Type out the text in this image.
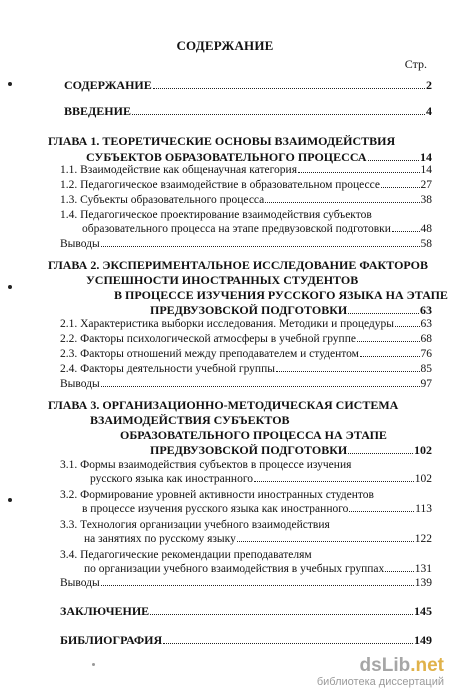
СОДЕРЖАНИЕ
Стр.
СОДЕРЖАНИЕ	2
ВВЕДЕНИЕ	4
ГЛАВА 1. ТЕОРЕТИЧЕСКИЕ ОСНОВЫ ВЗАИМОДЕЙСТВИЯ
СУБЪЕКТОВ ОБРАЗОВАТЕЛЬНОГО ПРОЦЕССА	14
1.1. Взаимодействие как общенаучная категория	14
1.2. Педагогическое взаимодействие в образовательном процессе	27
1.3. Субъекты образовательного процесса	38
1.4. Педагогическое проектирование взаимодействия субъектов
образовательного процесса на этапе предвузовской подготовки	48
Выводы	58
ГЛАВА 2. ЭКСПЕРИМЕНТАЛЬНОЕ ИССЛЕДОВАНИЕ ФАКТОРОВ
УСПЕШНОСТИ ИНОСТРАННЫХ СТУДЕНТОВ
В ПРОЦЕССЕ ИЗУЧЕНИЯ РУССКОГО ЯЗЫКА НА ЭТАПЕ
ПРЕДВУЗОВСКОЙ ПОДГОТОВКИ	63
2.1. Характеристика выборки исследования. Методики и процедуры 63
2.2. Факторы психологической атмосферы в учебной группе	68
2.3. Факторы отношений между преподавателем и студентом	76
2.4. Факторы деятельности учебной группы	85
Выводы	97
ГЛАВА 3. ОРГАНИЗАЦИОННО-МЕТОДИЧЕСКАЯ СИСТЕМА
ВЗАИМОДЕЙСТВИЯ СУБЪЕКТОВ
ОБРАЗОВАТЕЛЬНОГО ПРОЦЕССА НА ЭТАПЕ
ПРЕДВУЗОВСКОЙ ПОДГОТОВКИ	102
3.1. Формы взаимодействия субъектов в процессе изучения
русского языка как иностранного	102
3.2. Формирование уровней активности иностранных студентов
в процессе изучения русского языка как иностранного	113
3.3. Технология организации учебного взаимодействия
на занятиях по русскому языку	122
3.4. Педагогические рекомендации преподавателям
по организации учебного взаимодействия в учебных группах	131
Выводы	139
ЗАКЛЮЧЕНИЕ	145
БИБЛИОГРАФИЯ	149
dsLib.net
библиотека диссертаций
